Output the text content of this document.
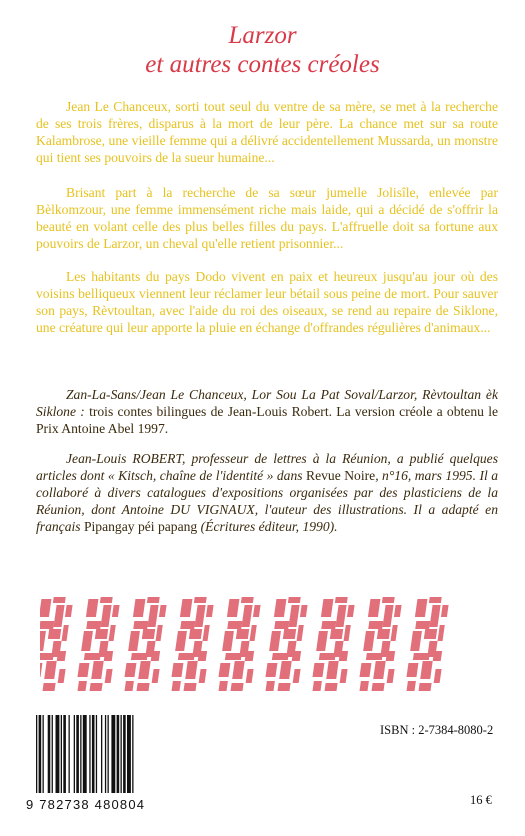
Larzor
et autres contes créoles

Jean Le Chanceux, sorti tout seul du ventre de sa mère, se met à la recherche de ses trois frères, disparus à la mort de leur père. La chance met sur sa route Kalambrose, une vieille femme qui a délivré accidentellement Mussarda, un monstre qui tient ses pouvoirs de la sueur humaine...

Brisant part à la recherche de sa sœur jumelle Jolisîle, enlevée par Bèlkomzour, une femme immensément riche mais laide, qui a décidé de s'offrir la beauté en volant celle des plus belles filles du pays. L'affruelle doit sa fortune aux pouvoirs de Larzor, un cheval qu'elle retient prisonnier...

Les habitants du pays Dodo vivent en paix et heureux jusqu'au jour où des voisins belliqueux viennent leur réclamer leur bétail sous peine de mort. Pour sauver son pays, Rèvtoultan, avec l'aide du roi des oiseaux, se rend au repaire de Siklone, une créature qui leur apporte la pluie en échange d'offrandes régulières d'animaux...

Zan-La-Sans/Jean Le Chanceux, Lor Sou La Pat Soval/Larzor, Rèvtoultan èk Siklone : trois contes bilingues de Jean-Louis Robert. La version créole a obtenu le Prix Antoine Abel 1997.

Jean-Louis ROBERT, professeur de lettres à la Réunion, a publié quelques articles dont « Kitsch, chaîne de l'identité » dans Revue Noire, n°16, mars 1995. Il a collaboré à divers catalogues d'expositions organisées par des plasticiens de la Réunion, dont Antoine DU VIGNAUX, l'auteur des illustrations. Il a adapté en français Pipangay péi papang (Écritures éditeur, 1990).

9 782738 480804
ISBN : 2-7384-8080-2
16 €
